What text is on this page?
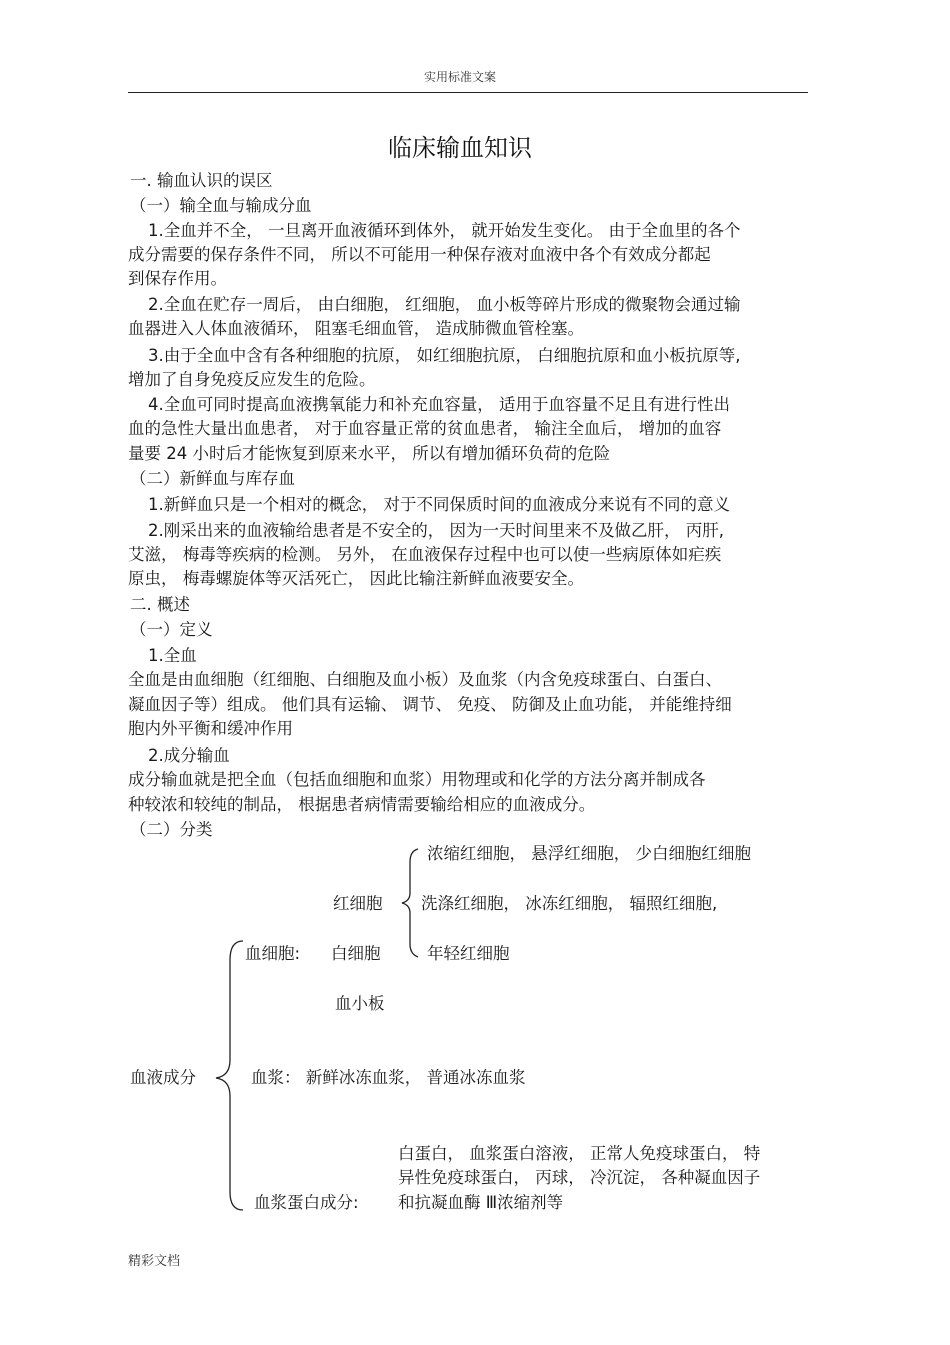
实用标准文案
临床输血知识
一. 输血认识的误区
（一）输全血与输成分血
1.全血并不全， 一旦离开血液循环到体外， 就开始发生变化。 由于全血里的各个
成分需要的保存条件不同， 所以不可能用一种保存液对血液中各个有效成分都起
到保存作用。
2.全血在贮存一周后， 由白细胞， 红细胞， 血小板等碎片形成的微聚物会通过输
血器进入人体血液循环， 阻塞毛细血管， 造成肺微血管栓塞。
3.由于全血中含有各种细胞的抗原， 如红细胞抗原， 白细胞抗原和血小板抗原等,
增加了自身免疫反应发生的危险。
4.全血可同时提高血液携氧能力和补充血容量， 适用于血容量不足且有进行性出
血的急性大量出血患者， 对于血容量正常的贫血患者， 输注全血后， 增加的血容
量要 24 小时后才能恢复到原来水平， 所以有增加循环负荷的危险
（二）新鲜血与库存血
1.新鲜血只是一个相对的概念， 对于不同保质时间的血液成分来说有不同的意义
2.刚采出来的血液输给患者是不安全的， 因为一天时间里来不及做乙肝， 丙肝,
艾滋， 梅毒等疾病的检测。 另外， 在血液保存过程中也可以使一些病原体如疟疾
原虫， 梅毒螺旋体等灭活死亡， 因此比输注新鲜血液要安全。
二. 概述
（一）定义
1.全血
全血是由血细胞（红细胞、白细胞及血小板）及血浆（内含免疫球蛋白、白蛋白、
凝血因子等）组成。 他们具有运输、 调节、 免疫、 防御及止血功能， 并能维持细
胞内外平衡和缓冲作用
2.成分输血
成分输血就是把全血（包括血细胞和血浆）用物理或和化学的方法分离并制成各
种较浓和较纯的制品， 根据患者病情需要输给相应的血液成分。
（二）分类
血液成分
血细胞:
红细胞
白细胞
血小板
浓缩红细胞， 悬浮红细胞， 少白细胞红细胞
洗涤红细胞， 冰冻红细胞， 辐照红细胞,
年轻红细胞
血浆： 新鲜冰冻血浆， 普通冰冻血浆
白蛋白， 血浆蛋白溶液， 正常人免疫球蛋白， 特
异性免疫球蛋白， 丙球， 冷沉淀， 各种凝血因子
和抗凝血酶 Ⅲ浓缩剂等
血浆蛋白成分:
精彩文档
